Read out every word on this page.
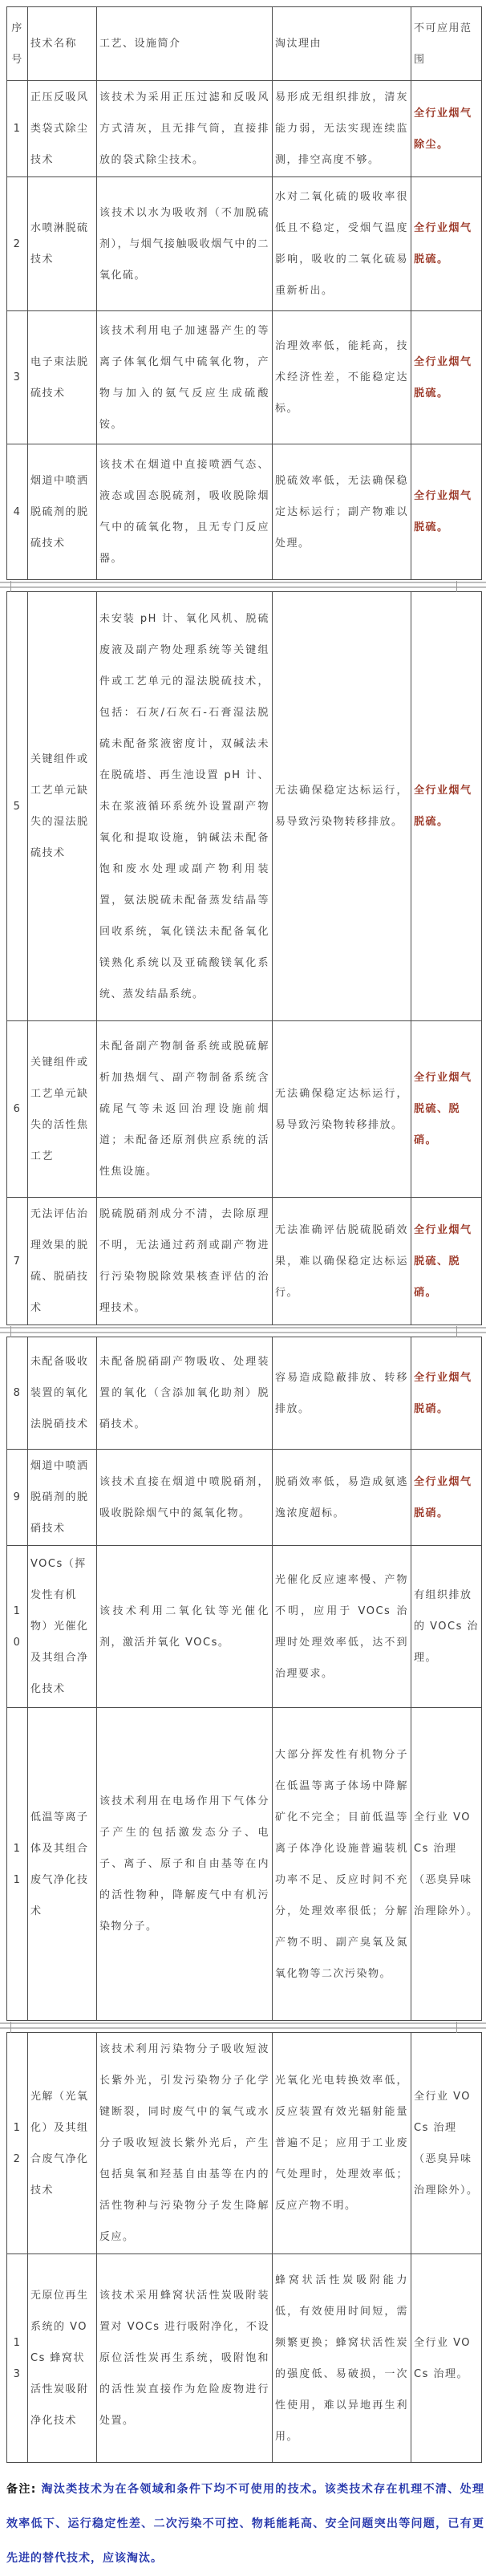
序号	技术名称	工艺、设施简介	淘汰理由	不可应用范围
1	正压反吸风类袋式除尘技术	该技术为采用正压过滤和反吸风方式清灰，且无排气筒，直接排放的袋式除尘技术。	易形成无组织排放，清灰能力弱，无法实现连续监测，排空高度不够。	全行业烟气除尘。
2	水喷淋脱硫技术	该技术以水为吸收剂（不加脱硫剂），与烟气接触吸收烟气中的二氧化硫。	水对二氧化硫的吸收率很低且不稳定，受烟气温度影响，吸收的二氧化硫易重新析出。	全行业烟气脱硫。
3	电子束法脱硫技术	该技术利用电子加速器产生的等离子体氧化烟气中硫氧化物，产物与加入的氨气反应生成硫酸铵。	治理效率低，能耗高，技术经济性差，不能稳定达标。	全行业烟气脱硫。
4	烟道中喷洒脱硫剂的脱硫技术	该技术在烟道中直接喷洒气态、液态或固态脱硫剂，吸收脱除烟气中的硫氧化物，且无专门反应器。	脱硫效率低，无法确保稳定达标运行；副产物难以处理。	全行业烟气脱硫。
5	关键组件或工艺单元缺失的湿法脱硫技术	未安装 pH 计、氧化风机、脱硫废液及副产物处理系统等关键组件或工艺单元的湿法脱硫技术，包括：石灰/石灰石-石膏湿法脱硫未配备浆液密度计，双碱法未在脱硫塔、再生池设置 pH 计、未在浆液循环系统外设置副产物氧化和提取设施，钠碱法未配备饱和废水处理或副产物利用装置，氨法脱硫未配备蒸发结晶等回收系统，氧化镁法未配备氧化镁熟化系统以及亚硫酸镁氧化系统、蒸发结晶系统。	无法确保稳定达标运行，易导致污染物转移排放。	全行业烟气脱硫。
6	关键组件或工艺单元缺失的活性焦工艺	未配备副产物制备系统或脱硫解析加热烟气、副产物制备系统含硫尾气等未返回治理设施前烟道；未配备还原剂供应系统的活性焦设施。	无法确保稳定达标运行，易导致污染物转移排放。	全行业烟气脱硫、脱硝。
7	无法评估治理效果的脱硫、脱硝技术	脱硫脱硝剂成分不清，去除原理不明，无法通过药剂或副产物进行污染物脱除效果核查评估的治理技术。	无法准确评估脱硫脱硝效果，难以确保稳定达标运行。	全行业烟气脱硫、脱硝。
8	未配备吸收装置的氧化法脱硝技术	未配备脱硝副产物吸收、处理装置的氧化（含添加氧化助剂）脱硝技术。	容易造成隐蔽排放、转移排放。	全行业烟气脱硝。
9	烟道中喷洒脱硝剂的脱硝技术	该技术直接在烟道中喷脱硝剂，吸收脱除烟气中的氮氧化物。	脱硝效率低，易造成氨逃逸浓度超标。	全行业烟气脱硝。
10	VOCs（挥发性有机物）光催化及其组合净化技术	该技术利用二氧化钛等光催化剂，激活并氧化 VOCs。	光催化反应速率慢、产物不明，应用于 VOCs 治理时处理效率低，达不到治理要求。	有组织排放的 VOCs 治理。
11	低温等离子体及其组合废气净化技术	该技术利用在电场作用下气体分子产生的包括激发态分子、电子、离子、原子和自由基等在内的活性物种，降解废气中有机污染物分子。	大部分挥发性有机物分子在低温等离子体场中降解矿化不完全；目前低温等离子体净化设施普遍装机功率不足、反应时间不充分，处理效率很低；分解产物不明、副产臭氧及氮氧化物等二次污染物。	全行业 VOCs 治理（恶臭异味治理除外）。
12	光解（光氧化）及其组合废气净化技术	该技术利用污染物分子吸收短波长紫外光，引发污染物分子化学键断裂，同时废气中的氧气或水分子吸收短波长紫外光后，产生包括臭氧和羟基自由基等在内的活性物种与污染物分子发生降解反应。	光氧化光电转换效率低，反应装置有效光辐射能量普遍不足；应用于工业废气处理时，处理效率低；反应产物不明。	全行业 VOCs 治理（恶臭异味治理除外）。
13	无原位再生系统的 VOCs 蜂窝状活性炭吸附净化技术	该技术采用蜂窝状活性炭吸附装置对 VOCs 进行吸附净化，不设原位活性炭再生系统，吸附饱和的活性炭直接作为危险废物进行处置。	蜂窝状活性炭吸附能力低，有效使用时间短，需频繁更换；蜂窝状活性炭的强度低、易破损，一次性使用，难以异地再生利用。	全行业 VOCs 治理。

备注: 淘汰类技术为在各领域和条件下均不可使用的技术。该类技术存在机理不清、处理效率低下、运行稳定性差、二次污染不可控、物耗能耗高、安全问题突出等问题，已有更先进的替代技术，应该淘汰。
